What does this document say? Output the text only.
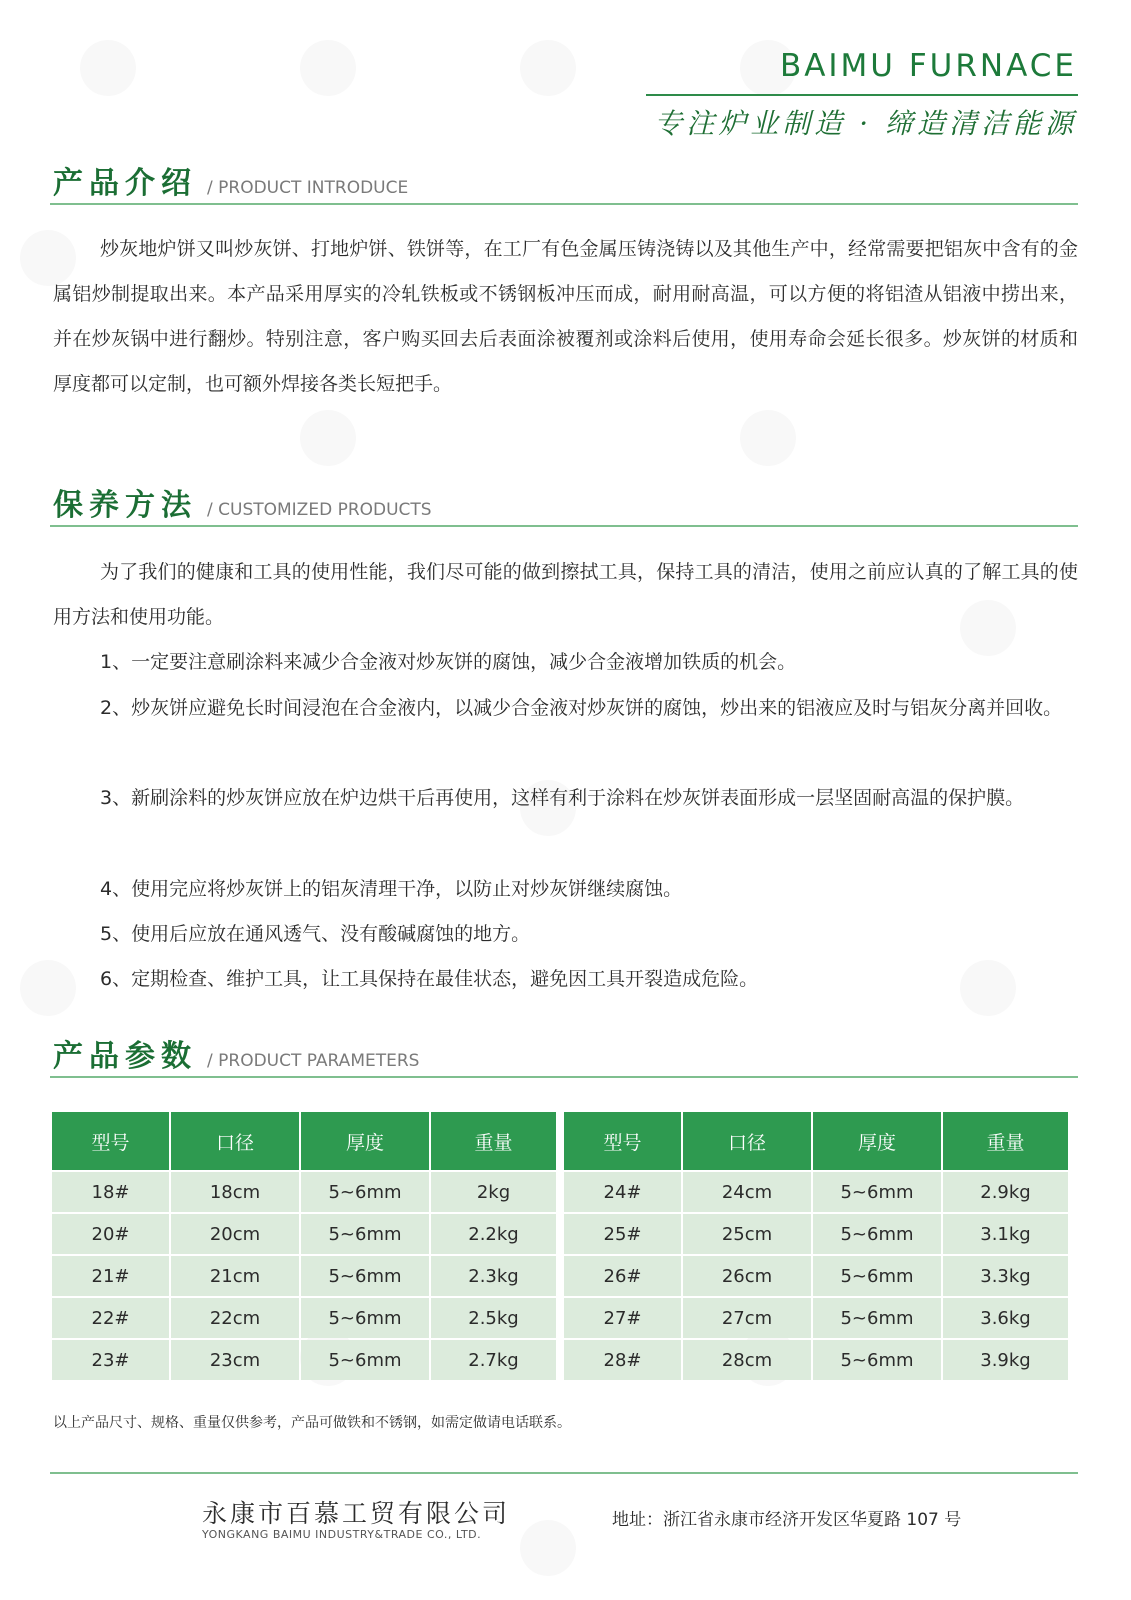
BAIMU FURNACE
专注炉业制造 · 缔造清洁能源
产品介绍 / PRODUCT INTRODUCE

炒灰地炉饼又叫炒灰饼、打地炉饼、铁饼等，在工厂有色金属压铸浇铸以及其他生产中，经常需要把铝灰中含有的金属铝炒制提取出来。本产品采用厚实的冷轧铁板或不锈钢板冲压而成，耐用耐高温，可以方便的将铝渣从铝液中捞出来，并在炒灰锅中进行翻炒。特别注意，客户购买回去后表面涂被覆剂或涂料后使用，使用寿命会延长很多。炒灰饼的材质和厚度都可以定制，也可额外焊接各类长短把手。

保养方法 / CUSTOMIZED PRODUCTS

为了我们的健康和工具的使用性能，我们尽可能的做到擦拭工具，保持工具的清洁，使用之前应认真的了解工具的使用方法和使用功能。

1、一定要注意刷涂料来减少合金液对炒灰饼的腐蚀，减少合金液增加铁质的机会。

2、炒灰饼应避免长时间浸泡在合金液内，以减少合金液对炒灰饼的腐蚀，炒出来的铝液应及时与铝灰分离并回收。

3、新刷涂料的炒灰饼应放在炉边烘干后再使用，这样有利于涂料在炒灰饼表面形成一层坚固耐高温的保护膜。

4、使用完应将炒灰饼上的铝灰清理干净，以防止对炒灰饼继续腐蚀。

5、使用后应放在通风透气、没有酸碱腐蚀的地方。

6、定期检查、维护工具，让工具保持在最佳状态，避免因工具开裂造成危险。

产品参数 / PRODUCT PARAMETERS
型号	口径	厚度	重量
18#	18cm	5~6mm	2kg
20#	20cm	5~6mm	2.2kg
21#	21cm	5~6mm	2.3kg
22#	22cm	5~6mm	2.5kg
23#	23cm	5~6mm	2.7kg
型号	口径	厚度	重量
24#	24cm	5~6mm	2.9kg
25#	25cm	5~6mm	3.1kg
26#	26cm	5~6mm	3.3kg
27#	27cm	5~6mm	3.6kg
28#	28cm	5~6mm	3.9kg
以上产品尺寸、规格、重量仅供参考，产品可做铁和不锈钢，如需定做请电话联系。
永康市百慕工贸有限公司
YONGKANG BAIMU INDUSTRY&TRADE CO., LTD.
地址：浙江省永康市经济开发区华夏路 107 号
